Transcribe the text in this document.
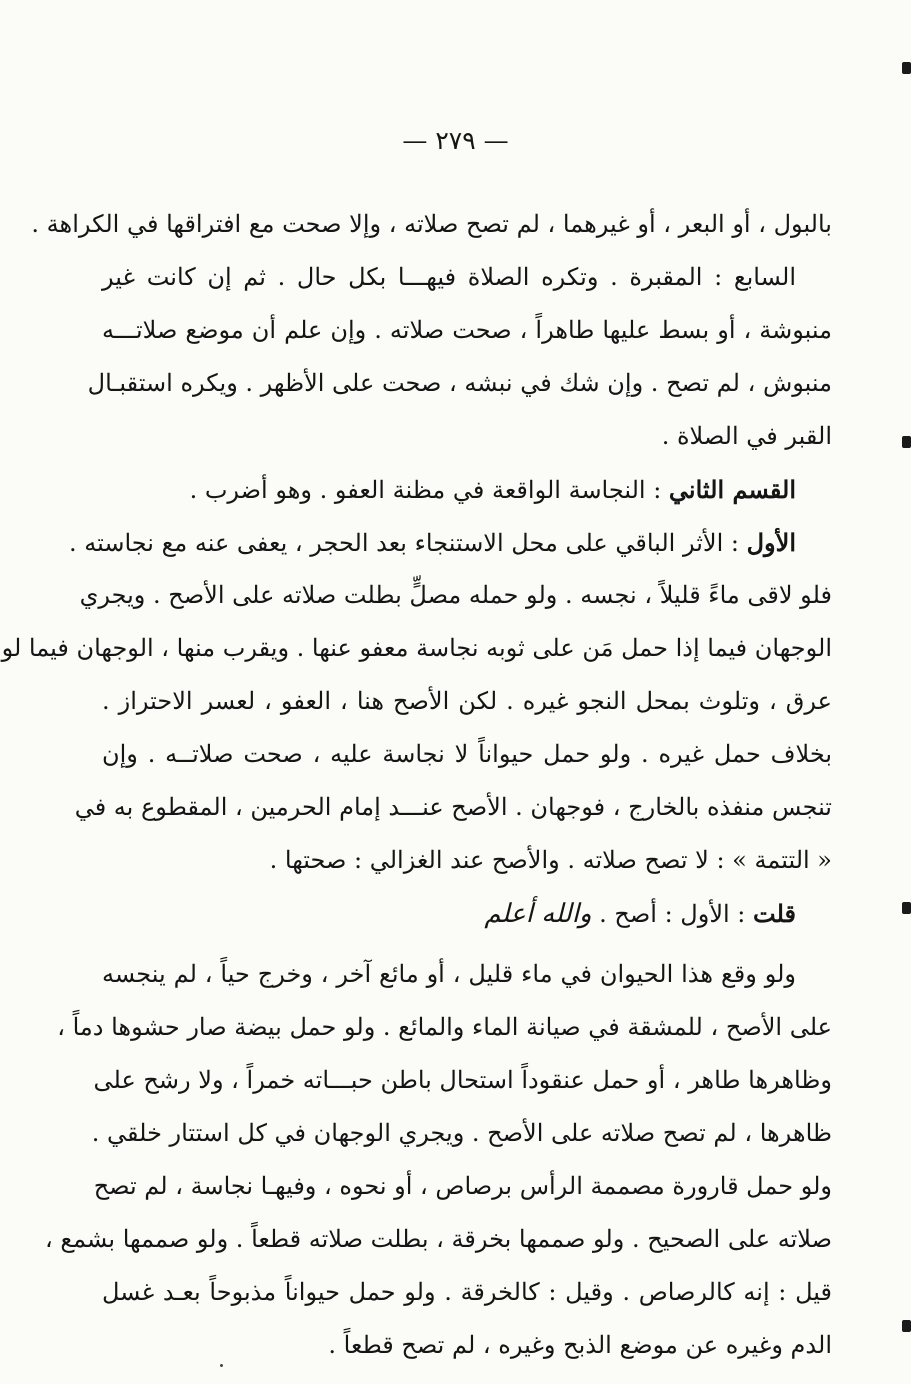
— ٢٧٩ —
بالبول ، أو البعر ، أو غيرهما ، لم تصح صلاته ، وإلا صحت مع افتراقها في الكراهة .
السابع : المقبرة . وتكره الصلاة فيهـــا بكل حال . ثم إن كانت غير
منبوشة ، أو بسط عليها طاهراً ، صحت صلاته . وإن علم أن موضع صلاتـــه
منبوش ، لم تصح . وإن شك في نبشه ، صحت على الأظهر . ويكره استقبـال
القبر في الصلاة .
القسم الثاني : النجاسة الواقعة في مظنة العفو . وهو أضرب .
الأول : الأثر الباقي على محل الاستنجاء بعد الحجر ، يعفى عنه مع نجاسته .
فلو لاقى ماءً قليلاً ، نجسه . ولو حمله مصلٍّ بطلت صلاته على الأصح . ويجري
الوجهان فيما إذا حمل مَن على ثوبه نجاسة معفو عنها . ويقرب منها ، الوجهان فيما لو
عرق ، وتلوث بمحل النجو غيره . لكن الأصح هنا ، العفو ، لعسر الاحتراز .
بخلاف حمل غيره . ولو حمل حيواناً لا نجاسة عليه ، صحت صلاتــه . وإن
تنجس منفذه بالخارج ، فوجهان . الأصح عنـــد إمام الحرمين ، المقطوع به في
« التتمة » : لا تصح صلاته . والأصح عند الغزالي : صحتها .
قلت : الأول : أصح . والله أعلم
ولو وقع هذا الحيوان في ماء قليل ، أو مائع آخر ، وخرج حياً ، لم ينجسه
على الأصح ، للمشقة في صيانة الماء والمائع . ولو حمل بيضة صار حشوها دماً ،
وظاهرها طاهر ، أو حمل عنقوداً استحال باطن حبـــاته خمراً ، ولا رشح على
ظاهرها ، لم تصح صلاته على الأصح . ويجري الوجهان في كل استتار خلقي .
ولو حمل قارورة مصممة الرأس برصاص ، أو نحوه ، وفيهـا نجاسة ، لم تصح
صلاته على الصحيح . ولو صممها بخرقة ، بطلت صلاته قطعاً . ولو صممها بشمع ،
قيل : إنه كالرصاص . وقيل : كالخرقة . ولو حمل حيواناً مذبوحاً بعـد غسل
الدم وغيره عن موضع الذبح وغيره ، لم تصح قطعاً .
